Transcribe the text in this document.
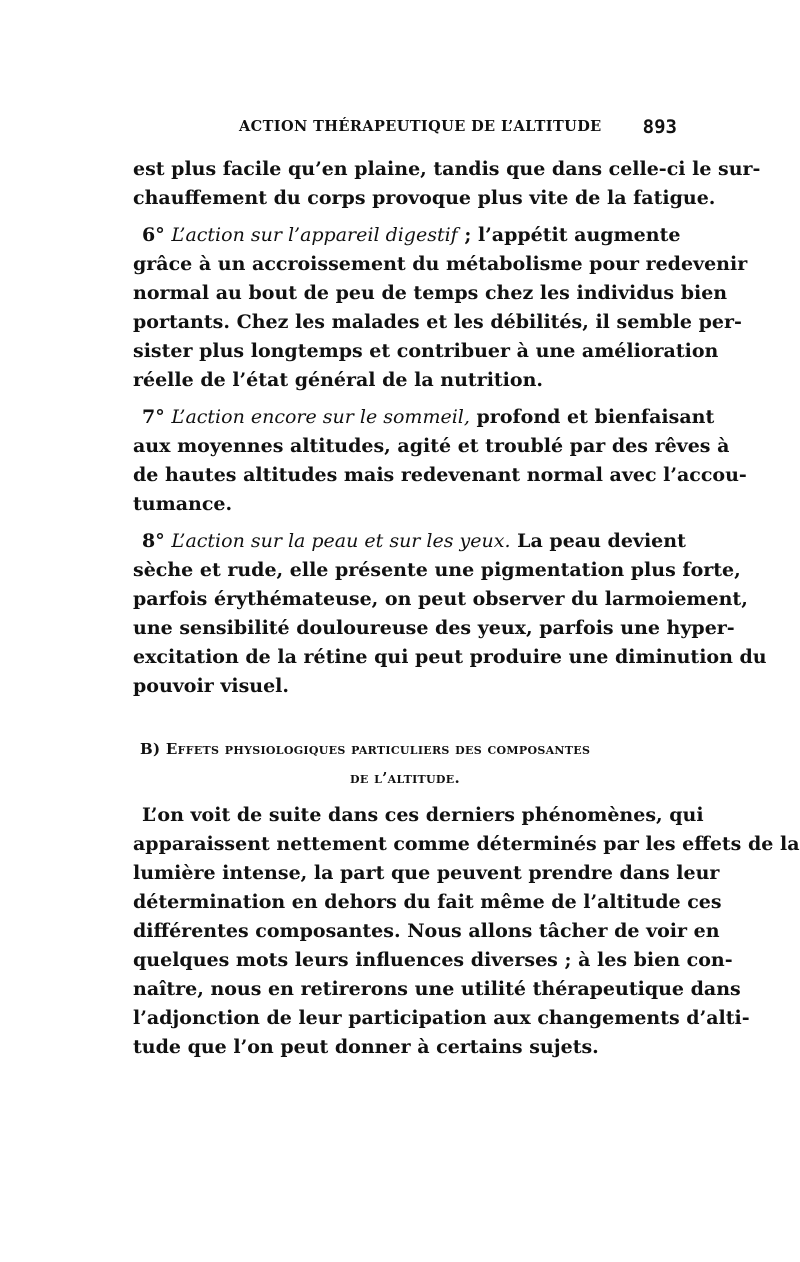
ACTION THÉRAPEUTIQUE DE L’ALTITUDE 893
est plus facile qu’en plaine, tandis que dans celle-ci le sur-
chauffement du corps provoque plus vite de la fatigue.
6° L’action sur l’appareil digestif ; l’appétit augmente
grâce à un accroissement du métabolisme pour redevenir
normal au bout de peu de temps chez les individus bien
portants. Chez les malades et les débilités, il semble per-
sister plus longtemps et contribuer à une amélioration
réelle de l’état général de la nutrition.
7° L’action encore sur le sommeil, profond et bienfaisant
aux moyennes altitudes, agité et troublé par des rêves à
de hautes altitudes mais redevenant normal avec l’accou-
tumance.
8° L’action sur la peau et sur les yeux. La peau devient
sèche et rude, elle présente une pigmentation plus forte,
parfois érythémateuse, on peut observer du larmoiement,
une sensibilité douloureuse des yeux, parfois une hyper-
excitation de la rétine qui peut produire une diminution du
pouvoir visuel.
B) Effets physiologiques particuliers des composantes
de l’altitude.
L’on voit de suite dans ces derniers phénomènes, qui
apparaissent nettement comme déterminés par les effets de la
lumière intense, la part que peuvent prendre dans leur
détermination en dehors du fait même de l’altitude ces
différentes composantes. Nous allons tâcher de voir en
quelques mots leurs influences diverses ; à les bien con-
naître, nous en retirerons une utilité thérapeutique dans
l’adjonction de leur participation aux changements d’alti-
tude que l’on peut donner à certains sujets.
